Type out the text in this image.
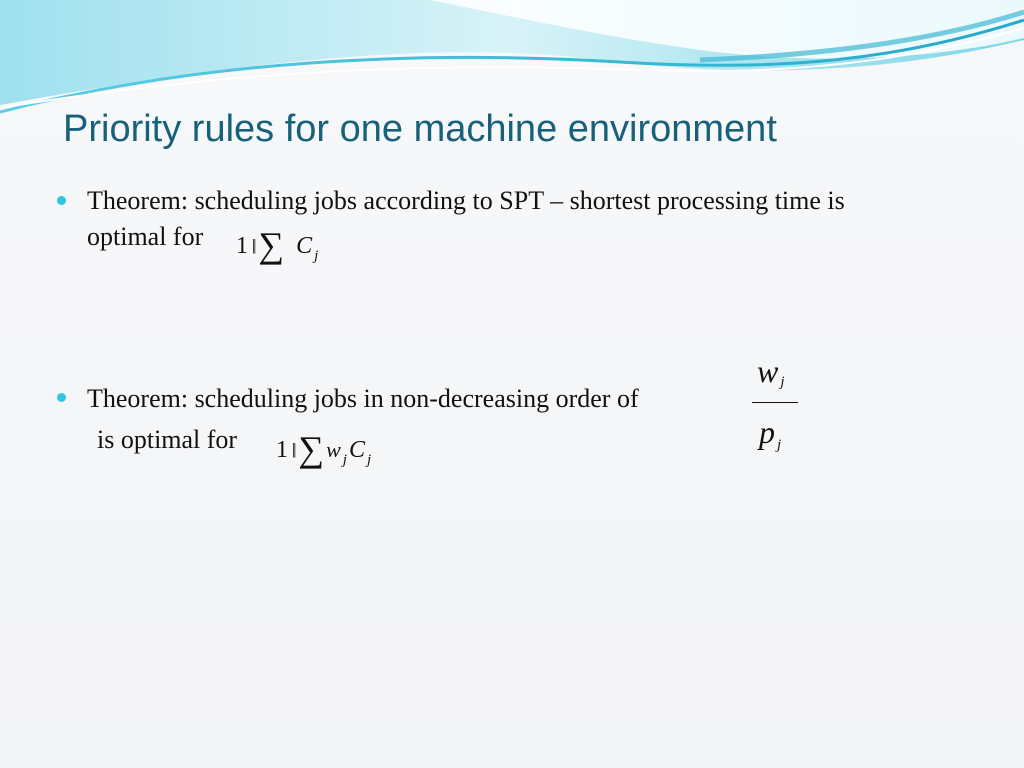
Priority rules for one machine environment
Theorem: scheduling jobs according to SPT – shortest processing time is
optimal for 1 || ∑ C j
Theorem: scheduling jobs in non-decreasing order of
is optimal for
wj
pj
1 || ∑w jC j
